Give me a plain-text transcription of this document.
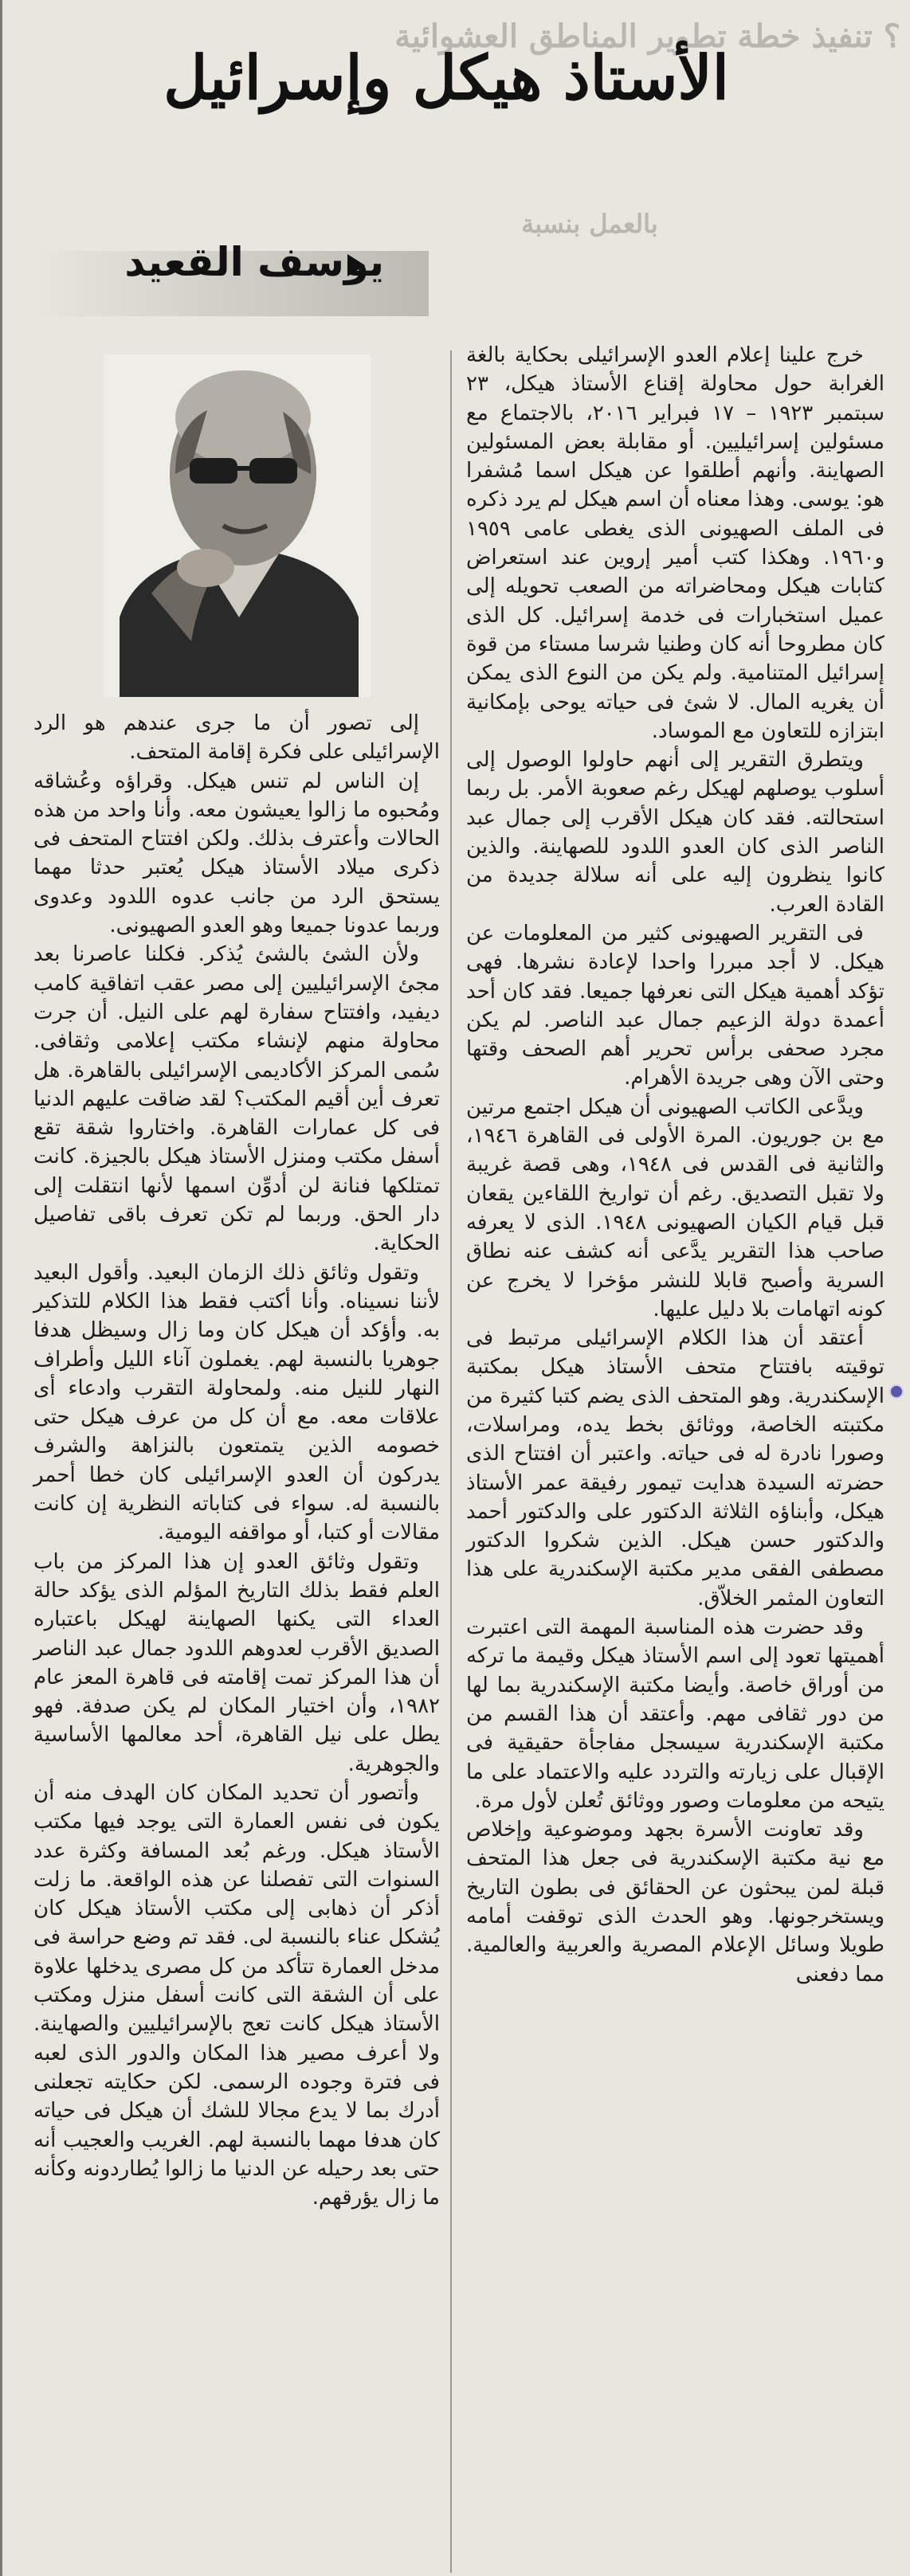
؟ تنفيذ خطة تطوير المناطق العشوائية
بالعمل بنسبة
الأستاذ هيكل وإسرائيل
يوسف القعيد

خرج علينا إعلام العدو الإسرائيلى بحكاية بالغة الغرابة حول محاولة إقناع الأستاذ هيكل، ٢٣ سبتمبر ١٩٢٣ – ١٧ فبراير ٢٠١٦، بالاجتماع مع مسئولين إسرائيليين. أو مقابلة بعض المسئولين الصهاينة. وأنهم أطلقوا عن هيكل اسما مُشفرا هو: يوسى. وهذا معناه أن اسم هيكل لم يرد ذكره فى الملف الصهيونى الذى يغطى عامى ١٩٥٩ و١٩٦٠. وهكذا كتب أمير إروين عند استعراض كتابات هيكل ومحاضراته من الصعب تحويله إلى عميل استخبارات فى خدمة إسرائيل. كل الذى كان مطروحا أنه كان وطنيا شرسا مستاء من قوة إسرائيل المتنامية. ولم يكن من النوع الذى يمكن أن يغريه المال. لا شئ فى حياته يوحى بإمكانية ابتزازه للتعاون مع الموساد.

ويتطرق التقرير إلى أنهم حاولوا الوصول إلى أسلوب يوصلهم لهيكل رغم صعوبة الأمر. بل ربما استحالته. فقد كان هيكل الأقرب إلى جمال عبد الناصر الذى كان العدو اللدود للصهاينة. والذين كانوا ينظرون إليه على أنه سلالة جديدة من القادة العرب.

فى التقرير الصهيونى كثير من المعلومات عن هيكل. لا أجد مبررا واحدا لإعادة نشرها. فهى تؤكد أهمية هيكل التى نعرفها جميعا. فقد كان أحد أعمدة دولة الزعيم جمال عبد الناصر. لم يكن مجرد صحفى برأس تحرير أهم الصحف وقتها وحتى الآن وهى جريدة الأهرام.

ويدَّعى الكاتب الصهيونى أن هيكل اجتمع مرتين مع بن جوريون. المرة الأولى فى القاهرة ١٩٤٦، والثانية فى القدس فى ١٩٤٨، وهى قصة غريبة ولا تقبل التصديق. رغم أن تواريخ اللقاءين يقعان قبل قيام الكيان الصهيونى ١٩٤٨. الذى لا يعرفه صاحب هذا التقرير يدَّعى أنه كشف عنه نطاق السرية وأصبح قابلا للنشر مؤخرا لا يخرج عن كونه اتهامات بلا دليل عليها.

أعتقد أن هذا الكلام الإسرائيلى مرتبط فى توقيته بافتتاح متحف الأستاذ هيكل بمكتبة الإسكندرية. وهو المتحف الذى يضم كتبا كثيرة من مكتبته الخاصة، ووثائق بخط يده، ومراسلات، وصورا نادرة له فى حياته. واعتبر أن افتتاح الذى حضرته السيدة هدايت تيمور رفيقة عمر الأستاذ هيكل، وأبناؤه الثلاثة الدكتور على والدكتور أحمد والدكتور حسن هيكل. الذين شكروا الدكتور مصطفى الفقى مدير مكتبة الإسكندرية على هذا التعاون المثمر الخلاّق.

وقد حضرت هذه المناسبة المهمة التى اعتبرت أهميتها تعود إلى اسم الأستاذ هيكل وقيمة ما تركه من أوراق خاصة. وأيضا مكتبة الإسكندرية بما لها من دور ثقافى مهم. وأعتقد أن هذا القسم من مكتبة الإسكندرية سيسجل مفاجأة حقيقية فى الإقبال على زيارته والتردد عليه والاعتماد على ما يتيحه من معلومات وصور ووثائق تُعلن لأول مرة.

وقد تعاونت الأسرة بجهد وموضوعية وإخلاص مع نية مكتبة الإسكندرية فى جعل هذا المتحف قبلة لمن يبحثون عن الحقائق فى بطون التاريخ ويستخرجونها. وهو الحدث الذى توقفت أمامه طويلا وسائل الإعلام المصرية والعربية والعالمية. مما دفعنى

إلى تصور أن ما جرى عندهم هو الرد الإسرائيلى على فكرة إقامة المتحف.

إن الناس لم تنس هيكل. وقراؤه وعُشاقه ومُحبوه ما زالوا يعيشون معه. وأنا واحد من هذه الحالات وأعترف بذلك. ولكن افتتاح المتحف فى ذكرى ميلاد الأستاذ هيكل يُعتبر حدثا مهما يستحق الرد من جانب عدوه اللدود وعدوى وربما عدونا جميعا وهو العدو الصهيونى.

ولأن الشئ بالشئ يُذكر. فكلنا عاصرنا بعد مجئ الإسرائيليين إلى مصر عقب اتفاقية كامب ديفيد، وافتتاح سفارة لهم على النيل. أن جرت محاولة منهم لإنشاء مكتب إعلامى وثقافى. سُمى المركز الأكاديمى الإسرائيلى بالقاهرة. هل تعرف أين أقيم المكتب؟ لقد ضاقت عليهم الدنيا فى كل عمارات القاهرة. واختاروا شقة تقع أسفل مكتب ومنزل الأستاذ هيكل بالجيزة. كانت تمتلكها فنانة لن أدوِّن اسمها لأنها انتقلت إلى دار الحق. وربما لم تكن تعرف باقى تفاصيل الحكاية.

وتقول وثائق ذلك الزمان البعيد. وأقول البعيد لأننا نسيناه. وأنا أكتب فقط هذا الكلام للتذكير به. وأؤكد أن هيكل كان وما زال وسيظل هدفا جوهريا بالنسبة لهم. يغملون آناء الليل وأطراف النهار للنيل منه. ولمحاولة التقرب وادعاء أى علاقات معه. مع أن كل من عرف هيكل حتى خصومه الذين يتمتعون بالنزاهة والشرف يدركون أن العدو الإسرائيلى كان خطا أحمر بالنسبة له. سواء فى كتاباته النظرية إن كانت مقالات أو كتبا، أو مواقفه اليومية.

وتقول وثائق العدو إن هذا المركز من باب العلم فقط بذلك التاريخ المؤلم الذى يؤكد حالة العداء التى يكنها الصهاينة لهيكل باعتباره الصديق الأقرب لعدوهم اللدود جمال عبد الناصر أن هذا المركز تمت إقامته فى قاهرة المعز عام ١٩٨٢، وأن اختيار المكان لم يكن صدفة. فهو يطل على نيل القاهرة، أحد معالمها الأساسية والجوهرية.

وأتصور أن تحديد المكان كان الهدف منه أن يكون فى نفس العمارة التى يوجد فيها مكتب الأستاذ هيكل. ورغم بُعد المسافة وكثرة عدد السنوات التى تفصلنا عن هذه الواقعة. ما زلت أذكر أن ذهابى إلى مكتب الأستاذ هيكل كان يُشكل عناء بالنسبة لى. فقد تم وضع حراسة فى مدخل العمارة تتأكد من كل مصرى يدخلها علاوة على أن الشقة التى كانت أسفل منزل ومكتب الأستاذ هيكل كانت تعج بالإسرائيليين والصهاينة. ولا أعرف مصير هذا المكان والدور الذى لعبه فى فترة وجوده الرسمى. لكن حكايته تجعلنى أدرك بما لا يدع مجالا للشك أن هيكل فى حياته كان هدفا مهما بالنسبة لهم. الغريب والعجيب أنه حتى بعد رحيله عن الدنيا ما زالوا يُطاردونه وكأنه ما زال يؤرقهم.
